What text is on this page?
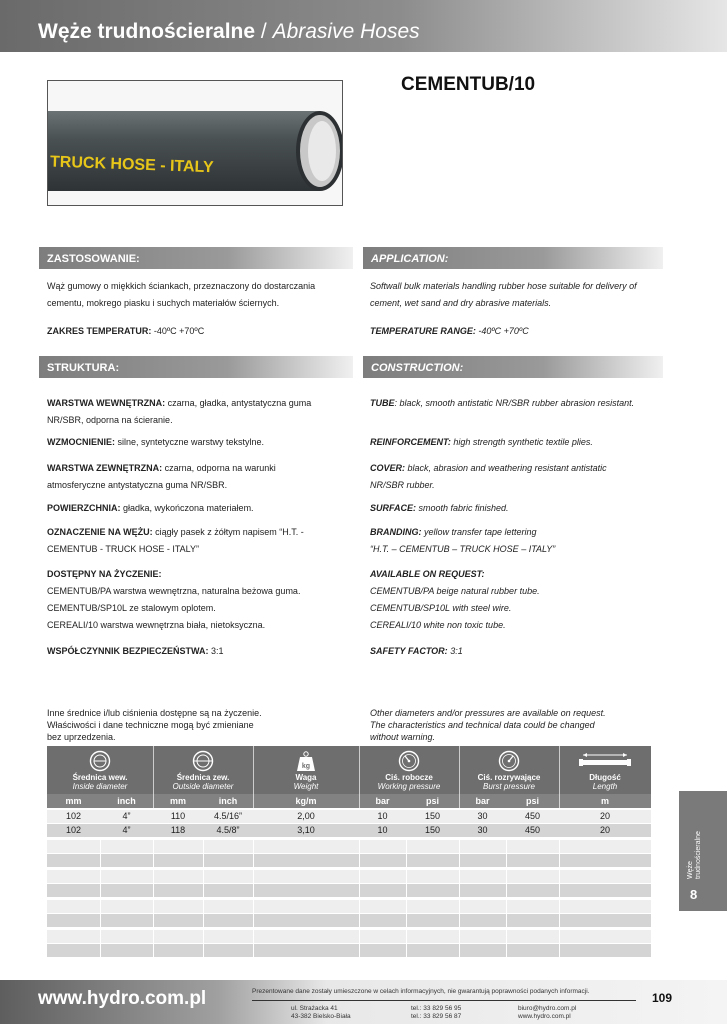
Węże trudnościeralne / Abrasive Hoses
TRUCK HOSE - ITALY
CEMENTUB/10
ZASTOSOWANIE:	APPLICATION:
Wąż gumowy o miękkich ściankach, przeznaczony do dostarczania
cementu, mokrego piasku i suchych materiałów ściernych.
Softwall bulk materials handling rubber hose suitable for delivery of
cement, wet sand and dry abrasive materials.
ZAKRES TEMPERATUR: -40ºC +70ºC	TEMPERATURE RANGE: -40ºC +70ºC
STRUKTURA:	CONSTRUCTION:
WARSTWA WEWNĘTRZNA: czarna, gładka, antystatyczna guma
NR/SBR, odporna na ścieranie.
TUBE: black, smooth antistatic NR/SBR rubber abrasion resistant.
WZMOCNIENIE: silne, syntetyczne warstwy tekstylne.	REINFORCEMENT: high strength synthetic textile plies.
WARSTWA ZEWNĘTRZNA: czarna, odporna na warunki
atmosferyczne antystatyczna guma NR/SBR.
COVER: black, abrasion and weathering resistant antistatic
NR/SBR rubber.
POWIERZCHNIA: gładka, wykończona materiałem.	SURFACE: smooth fabric finished.
OZNACZENIE NA WĘŻU: ciągły pasek z żółtym napisem “H.T. -
CEMENTUB - TRUCK HOSE - ITALY”
BRANDING: yellow transfer tape lettering
“H.T. – CEMENTUB – TRUCK HOSE – ITALY”
DOSTĘPNY NA ŻYCZENIE:
CEMENTUB/PA warstwa wewnętrzna, naturalna beżowa guma.
CEMENTUB/SP10L ze stalowym oplotem.
CEREALI/10 warstwa wewnętrzna biała, nietoksyczna.
AVAILABLE ON REQUEST:
CEMENTUB/PA beige natural rubber tube.
CEMENTUB/SP10L with steel wire.
CEREALI/10 white non toxic tube.
WSPÓŁCZYNNIK BEZPIECZEŃSTWA: 3:1	SAFETY FACTOR: 3:1
Inne średnice i/lub ciśnienia dostępne są na życzenie.
Właściwości i dane techniczne mogą być zmieniane
bez uprzedzenia.
Other diameters and/or pressures are available on request.
The characteristics and technical data could be changed
without warning.
Średnica wew.
Inside diameter
Średnica zew.
Outside diameter
kg
Waga
Weight
Ciś. robocze
Working pressure
Ciś. rozrywające
Burst pressure
Długość
Length
mm	inch	mm	inch	kg/m	bar	psi	bar	psi	m
102	4”	110	4.5/16”	2,00	10	150	30	450	20
102	4”	118	4.5/8”	3,10	10	150	30	450	20
Węże trudnościeralne
8
www.hydro.com.pl	Prezentowane dane zostały umieszczone w celach informacyjnych, nie gwarantują poprawności podanych informacji.
ul. Strażacka 41
43-382 Bielsko-Biała
tel.: 33 829 56 95
tel.: 33 829 56 87
biuro@hydro.com.pl
www.hydro.com.pl
109
